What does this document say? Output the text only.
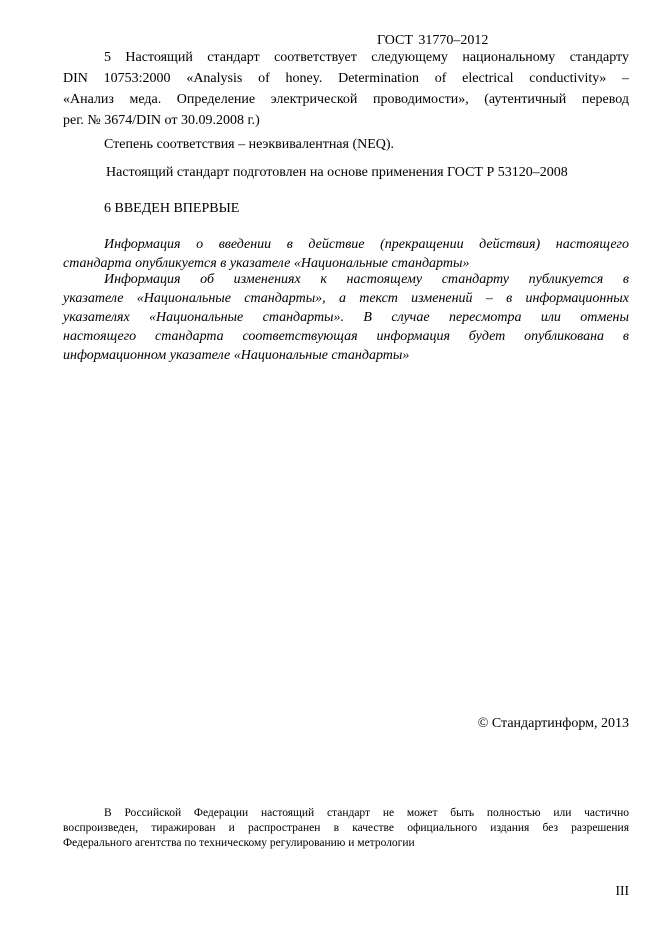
ГОСТ 31770–2012
5 Настоящий стандарт соответствует следующему национальному стандарту
DIN 10753:2000 «Analysis of honey. Determination of electrical conductivity» –
«Анализ меда. Определение электрической проводимости», (аутентичный перевод
рег. № 3674/DIN от 30.09.2008 г.)
Степень соответствия – неэквивалентная (NEQ).
Настоящий стандарт подготовлен на основе применения ГОСТ Р 53120–2008
6 ВВЕДЕН ВПЕРВЫЕ
Информация о введении в действие (прекращении действия) настоящего
стандарта опубликуется в указателе «Национальные стандарты»
Информация об изменениях к настоящему стандарту публикуется в
указателе «Национальные стандарты», а текст изменений – в информационных
указателях «Национальные стандарты». В случае пересмотра или отмены
настоящего стандарта соответствующая информация будет опубликована в
информационном указателе «Национальные стандарты»
© Стандартинформ, 2013
В Российской Федерации настоящий стандарт не может быть полностью или частично
воспроизведен, тиражирован и распространен в качестве официального издания без разрешения
Федерального агентства по техническому регулированию и метрологии
III
